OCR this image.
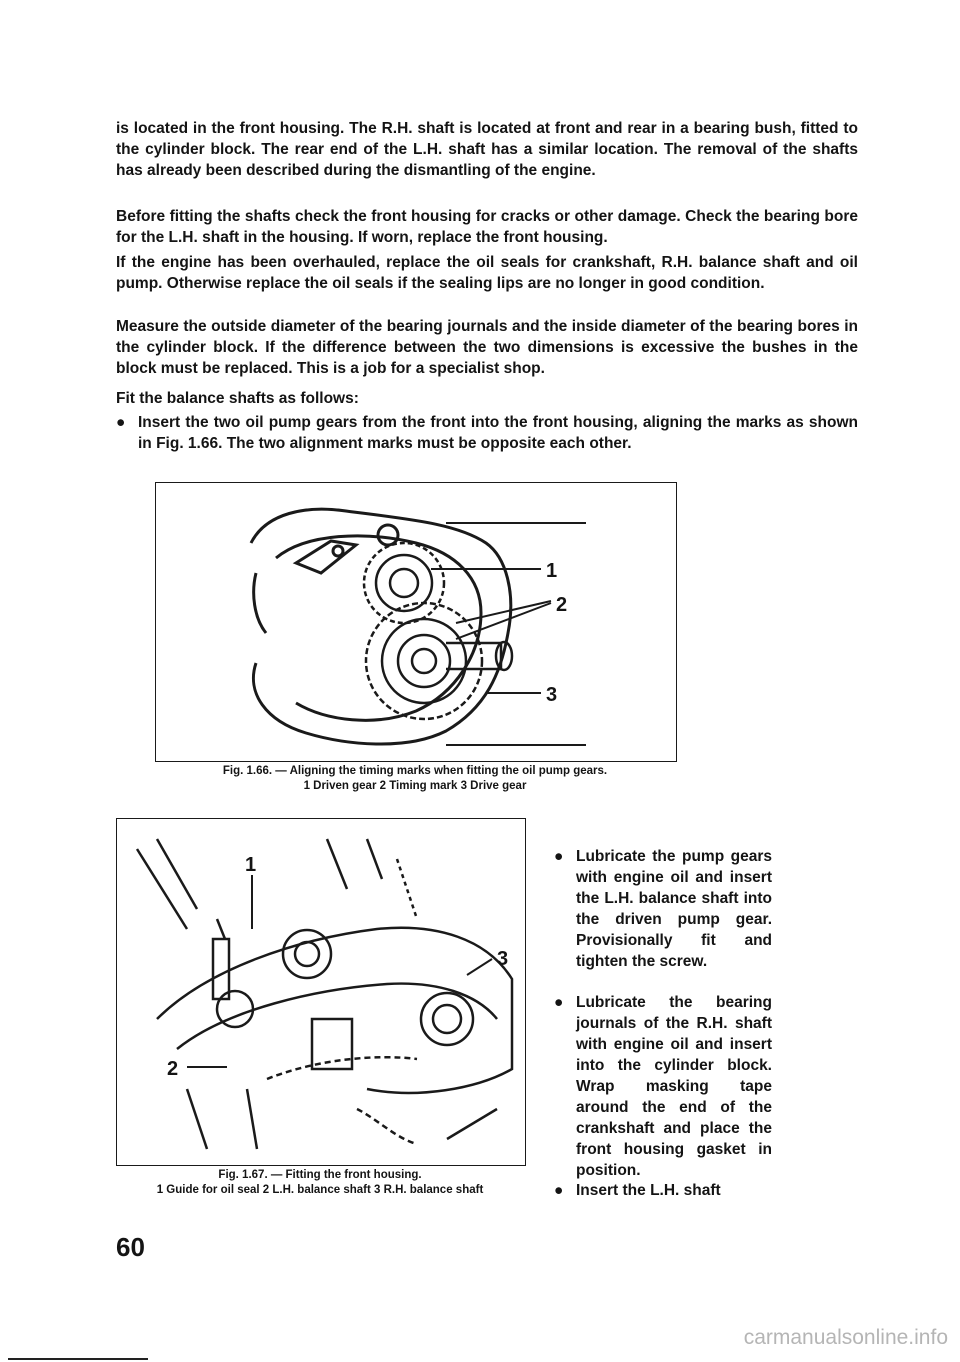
is located in the front housing. The R.H. shaft is located at front and rear in a bearing bush, fitted to the cylinder block. The rear end of the L.H. shaft has a similar location. The removal of the shafts has already been described during the dismantling of the engine.

Before fitting the shafts check the front housing for cracks or other damage. Check the bearing bore for the L.H. shaft in the housing. If worn, replace the front housing.

If the engine has been overhauled, replace the oil seals for crankshaft, R.H. balance shaft and oil pump. Otherwise replace the oil seals if the sealing lips are no longer in good condition.

Measure the outside diameter of the bearing journals and the inside diameter of the bearing bores in the cylinder block. If the difference between the two dimensions is excessive the bushes in the block must be replaced. This is a job for a specialist shop.

Fit the balance shafts as follows:

● Insert the two oil pump gears from the front into the front housing, aligning the marks as shown in Fig. 1.66. The two alignment marks must be opposite each other.
1
2
3

Fig. 1.66. — Aligning the timing marks when fitting the oil pump gears.

1 Driven gear 2 Timing mark 3 Drive gear

1
2
3

Fig. 1.67. — Fitting the front housing.

1 Guide for oil seal 2 L.H. balance shaft 3 R.H. balance shaft

● Lubricate the pump gears with engine oil and insert the L.H. balance shaft into the driven pump gear. Provisionally fit and tighten the screw.
● Lubricate the bearing journals of the R.H. shaft with engine oil and insert into the cylinder block. Wrap masking tape around the end of the crankshaft and place the front housing gasket in position.
● Insert the L.H. shaft

60

carmanualsonline.info
